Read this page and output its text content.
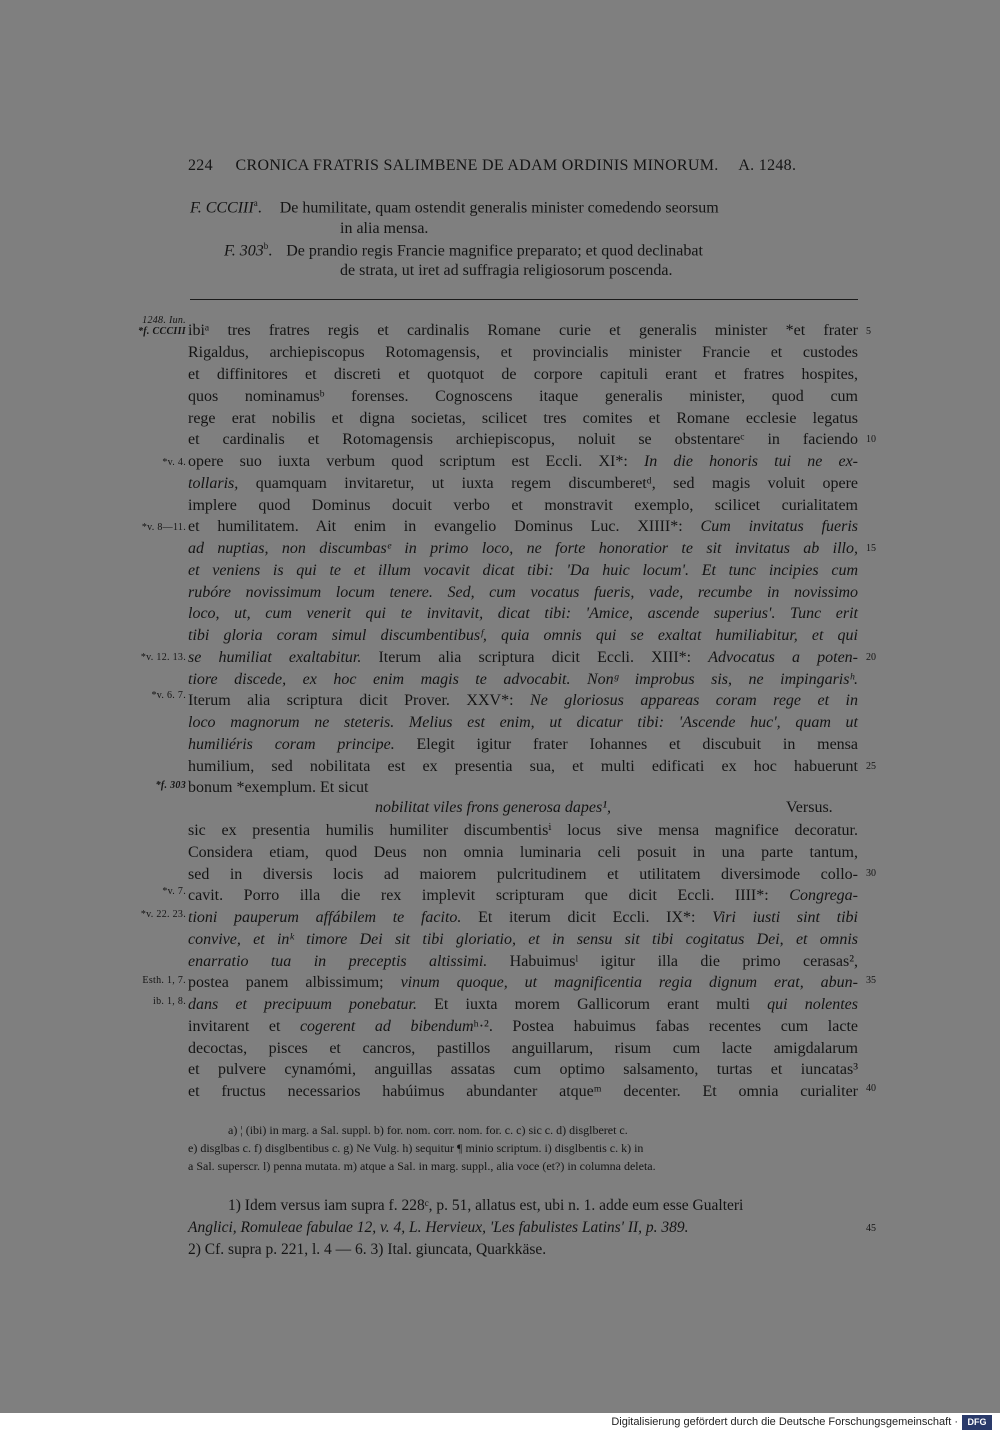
224 CRONICA FRATRIS SALIMBENE DE ADAM ORDINIS MINORUM. A. 1248.
F. CCCIII$^a$.  De humilitate, quam ostendit generalis minister comedendo seorsum
in alia mensa.
F. 303$^b$.  De prandio regis Francie magnifice preparato; et quod declinabat
de strata, ut iret ad suffragia religiosorum poscenda.
1248. Iun.
*f. CCCIII
*v. 4.
*v. 8—11.
*v. 12. 13.
*v. 6. 7.
*f. 303
*v. 7.
*v. 22. 23.
Esth. 1, 7.
ib. 1, 8.
5
10
15
20
25
30
35
40
45
ibiᵃ tres fratres regis et cardinalis Romane curie et generalis minister *et frater
Rigaldus, archiepiscopus Rotomagensis, et provincialis minister Francie et custodes
et diffinitores et discreti et quotquot de corpore capituli erant et fratres hospites,
quos nominamusᵇ forenses. Cognoscens itaque generalis minister, quod cum
rege erat nobilis et digna societas, scilicet tres comites et Romane ecclesie legatus
et cardinalis et Rotomagensis archiepiscopus, noluit se obstentareᶜ in faciendo
opere suo iuxta verbum quod scriptum est Eccli. XI*: In die honoris tui ne ex-
tollaris, quamquam invitaretur, ut iuxta regem discumberetᵈ, sed magis voluit opere
implere quod Dominus docuit verbo et monstravit exemplo, scilicet curialitatem
et humilitatem. Ait enim in evangelio Dominus Luc. XIIII*: Cum invitatus fueris
ad nuptias, non discumbasᵉ in primo loco, ne forte honoratior te sit invitatus ab illo,
et veniens is qui te et illum vocavit dicat tibi: 'Da huic locum'. Et tunc incipies cum
rubóre novissimum locum tenere. Sed, cum vocatus fueris, vade, recumbe in novissimo
loco, ut, cum venerit qui te invitavit, dicat tibi: 'Amice, ascende superius'. Tunc erit
tibi gloria coram simul discumbentibusᶠ, quia omnis qui se exaltat humiliabitur, et qui
se humiliat exaltabitur. Iterum alia scriptura dicit Eccli. XIII*: Advocatus a poten-
tiore discede, ex hoc enim magis te advocabit. Nonᵍ improbus sis, ne impingarisʰ.
Iterum alia scriptura dicit Prover. XXV*: Ne gloriosus appareas coram rege et in
loco magnorum ne steteris. Melius est enim, ut dicatur tibi: 'Ascende huc', quam ut
humiliéris coram principe. Elegit igitur frater Iohannes et discubuit in mensa
humilium, sed nobilitata est ex presentia sua, et multi edificati ex hoc habuerunt
bonum *exemplum. Et sicut
nobilitat viles frons generosa dapes¹,	Versus.
sic ex presentia humilis humiliter discumbentisⁱ locus sive mensa magnifice decoratur.
Considera etiam, quod Deus non omnia luminaria celi posuit in una parte tantum,
sed in diversis locis ad maiorem pulcritudinem et utilitatem diversimode collo-
cavit. Porro illa die rex implevit scripturam que dicit Eccli. IIII*: Congrega-
tioni pauperum affábilem te facito. Et iterum dicit Eccli. IX*: Viri iusti sint tibi
convive, et inᵏ timore Dei sit tibi gloriatio, et in sensu sit tibi cogitatus Dei, et omnis
enarratio tua in preceptis altissimi. Habuimusˡ igitur illa die primo cerasas²,
postea panem albissimum; vinum quoque, ut magnificentia regia dignum erat, abun-
dans et precipuum ponebatur. Et iuxta morem Gallicorum erant multi qui nolentes
invitarent et cogerent ad bibendumʰ·². Postea habuimus fabas recentes cum lacte
decoctas, pisces et cancros, pastillos anguillarum, risum cum lacte amigdalarum
et pulvere cynamómi, anguillas assatas cum optimo salsamento, turtas et iuncatas³
et fructus necessarios habúimus abundanter atqueᵐ decenter. Et omnia curialiter
a) ¦ (ibi) in marg. a Sal. suppl. b) for. nom. corr. nom. for. c. c) sic c. d) disglberet c.
e) disglbas c. f) disglbentibus c. g) Ne Vulg. h) sequitur ¶ minio scriptum. i) disglbentis c. k) in
a Sal. superscr. l) penna mutata. m) atque a Sal. in marg. suppl., alia voce (et?) in columna deleta.
1) Idem versus iam supra f. 228ᶜ, p. 51, allatus est, ubi n. 1. adde eum esse Gualteri
Anglici, Romuleae fabulae 12, v. 4, L. Hervieux, 'Les fabulistes Latins' II, p. 389.
2) Cf. supra p. 221, l. 4 — 6. 3) Ital. giuncata, Quarkkäse.
Digitalisierung gefördert durch die Deutsche Forschungsgemeinschaft ·	DFG
